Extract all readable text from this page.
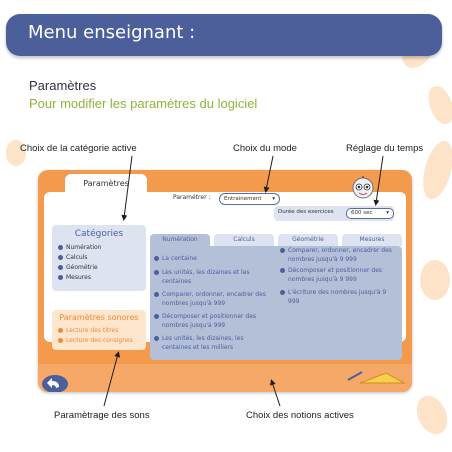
Menu enseignant :
Paramètres
Pour modifier les paramètres du logiciel
Choix de la catégorie active	Choix du mode	Réglage du temps
Paramètrage des sons	Choix des notions actives
Paramètres
Paramétrer :	Entrainement ▾
Durée des exercices	600 sec ▾
Catégories
Numération
Calculs
Géométrie
Mesures
Paramètres sonores
Lecture des titres
Lecture des consignes
Numération	Calculs	Géométrie	Mesures
La centaine
Les unités, les dizaines et les centaines
Comparer, ordonner, encadrer des nombres jusqu'à 999
Décomposer et positionner des nombres jusqu'à 999
Les unités, les dizaines, les centaines et les milliers
Comparer, ordonner, encadrer des nombres jusqu'à 9 999
Décomposer et positionner des nombres jusqu'à 9 999
L'écriture des nombres jusqu'à 9 999
